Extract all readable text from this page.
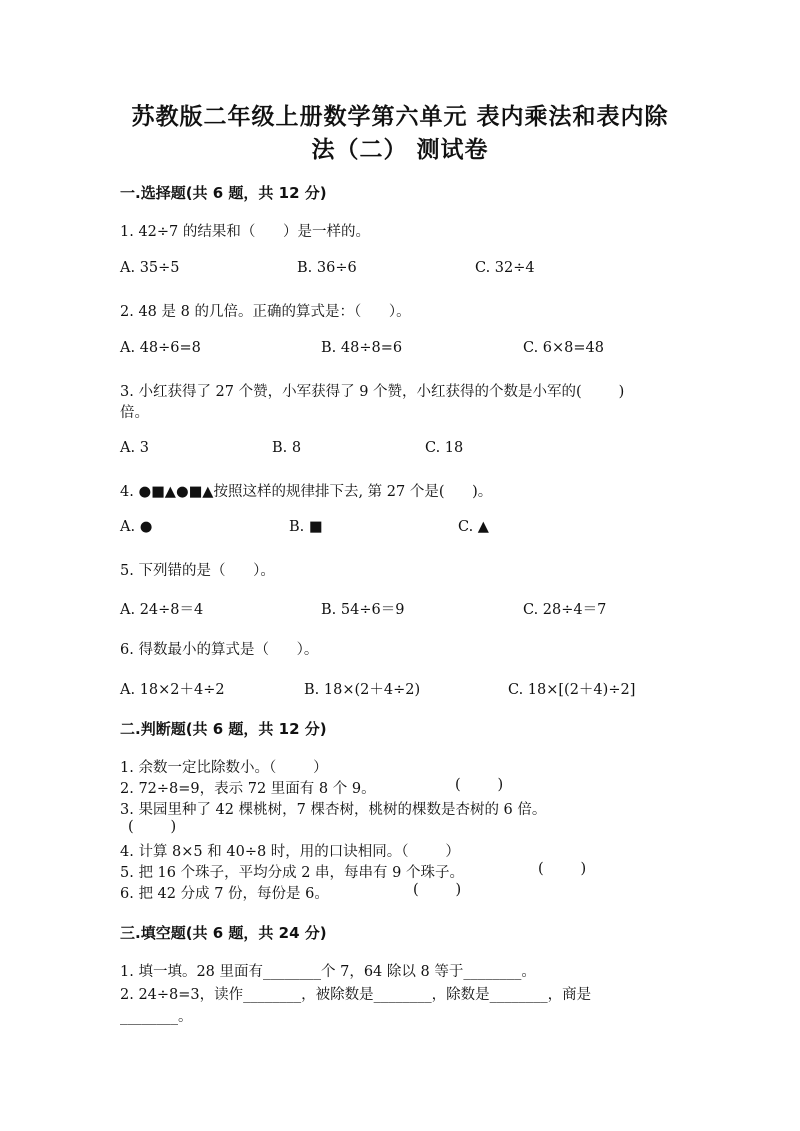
苏教版二年级上册数学第六单元 表内乘法和表内除
法（二） 测试卷
一.选择题(共 6 题，共 12 分)
1. 42÷7 的结果和（      ）是一样的。
A. 35÷5	B. 36÷6	C. 32÷4
2. 48 是 8 的几倍。正确的算式是：（      ）。
A. 48÷6=8	B. 48÷8=6	C. 6×8=48
3. 小红获得了 27 个赞，小军获得了 9 个赞，小红获得的个数是小军的(        )
倍。
A. 3	B. 8	C. 18
4. ●■▲●■▲按照这样的规律排下去, 第 27 个是(      )。
A. ●	B. ■	C. ▲
5. 下列错的是（      ）。
A. 24÷8＝4	B. 54÷6＝9	C. 28÷4＝7
6. 得数最小的算式是（      ）。
A. 18×2＋4÷2	B. 18×(2＋4÷2)	C. 18×[(2＋4)÷2]
二.判断题(共 6 题，共 12 分)
1. 余数一定比除数小。（        ）
2. 72÷8=9，表示 72 里面有 8 个 9。	(        )
3. 果园里种了 42 棵桃树，7 棵杏树，桃树的棵数是杏树的 6 倍。
(        )
4. 计算 8×5 和 40÷8 时，用的口诀相同。（        ）
5. 把 16 个珠子，平均分成 2 串，每串有 9 个珠子。	(        )
6. 把 42 分成 7 份，每份是 6。	(        )
三.填空题(共 6 题，共 24 分)
1. 填一填。28 里面有________个 7，64 除以 8 等于________。
2. 24÷8=3，读作________，被除数是________，除数是________，商是
________。
